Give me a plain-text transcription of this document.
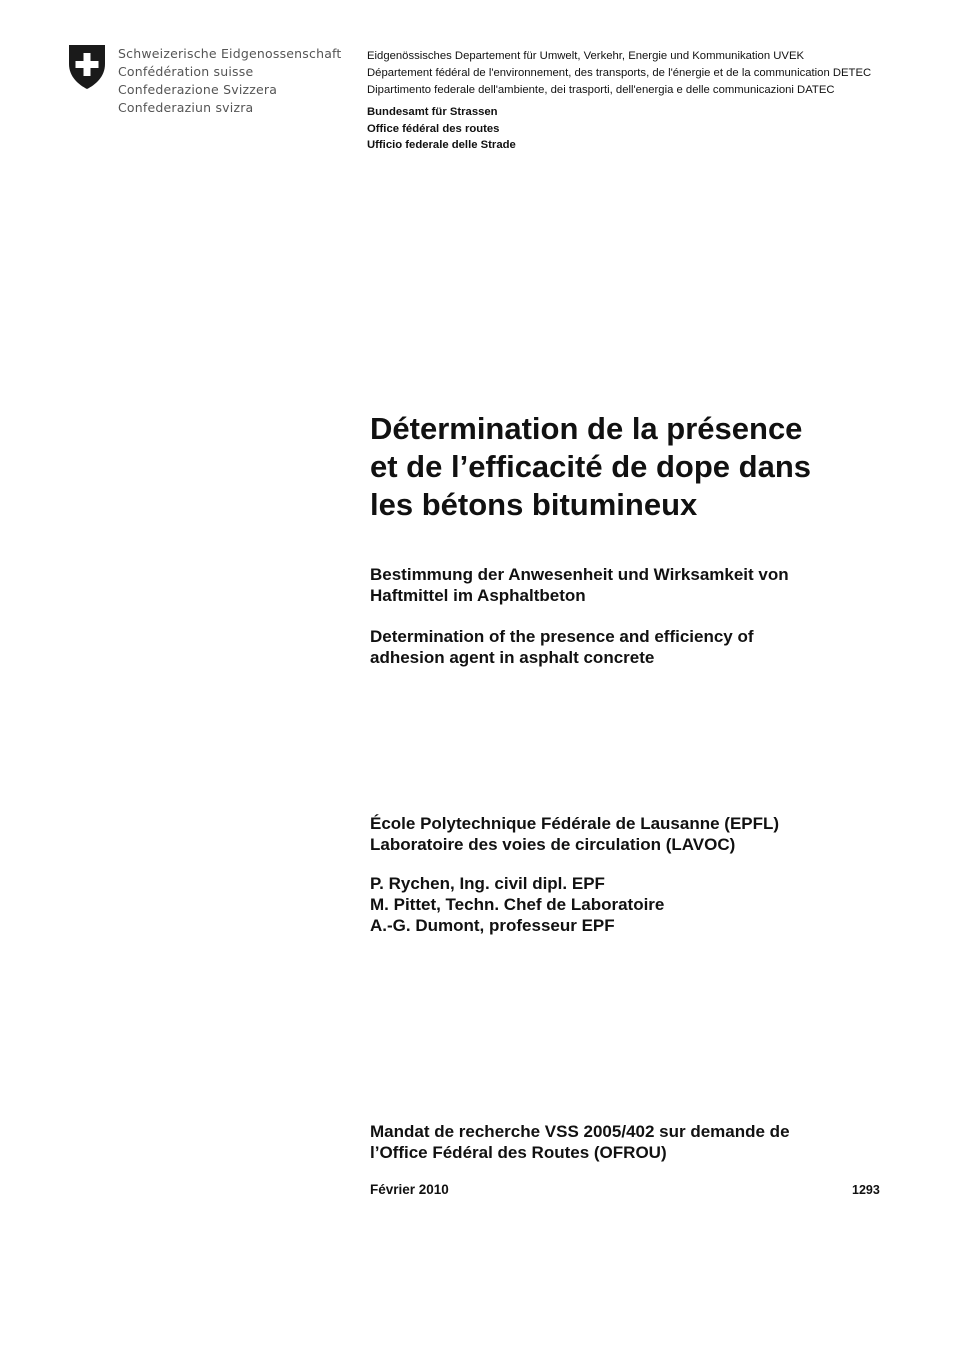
Schweizerische Eidgenossenschaft
Confédération suisse
Confederazione Svizzera
Confederaziun svizra
Eidgenössisches Departement für Umwelt, Verkehr, Energie und Kommunikation UVEK
Département fédéral de l'environnement, des transports, de l'énergie et de la communication DETEC
Dipartimento federale dell'ambiente, dei trasporti, dell'energia e delle communicazioni DATEC
Bundesamt für Strassen
Office fédéral des routes
Ufficio federale delle Strade
Détermination de la présence
et de l’efficacité de dope dans
les bétons bitumineux
Bestimmung der Anwesenheit und Wirksamkeit von
Haftmittel im Asphaltbeton
Determination of the presence and efficiency of
adhesion agent in asphalt concrete
École Polytechnique Fédérale de Lausanne (EPFL)
Laboratoire des voies de circulation (LAVOC)
P. Rychen, Ing. civil dipl. EPF
M. Pittet, Techn. Chef de Laboratoire
A.-G. Dumont, professeur EPF
Mandat de recherche VSS 2005/402 sur demande de
l’Office Fédéral des Routes (OFROU)
Février 2010	1293
